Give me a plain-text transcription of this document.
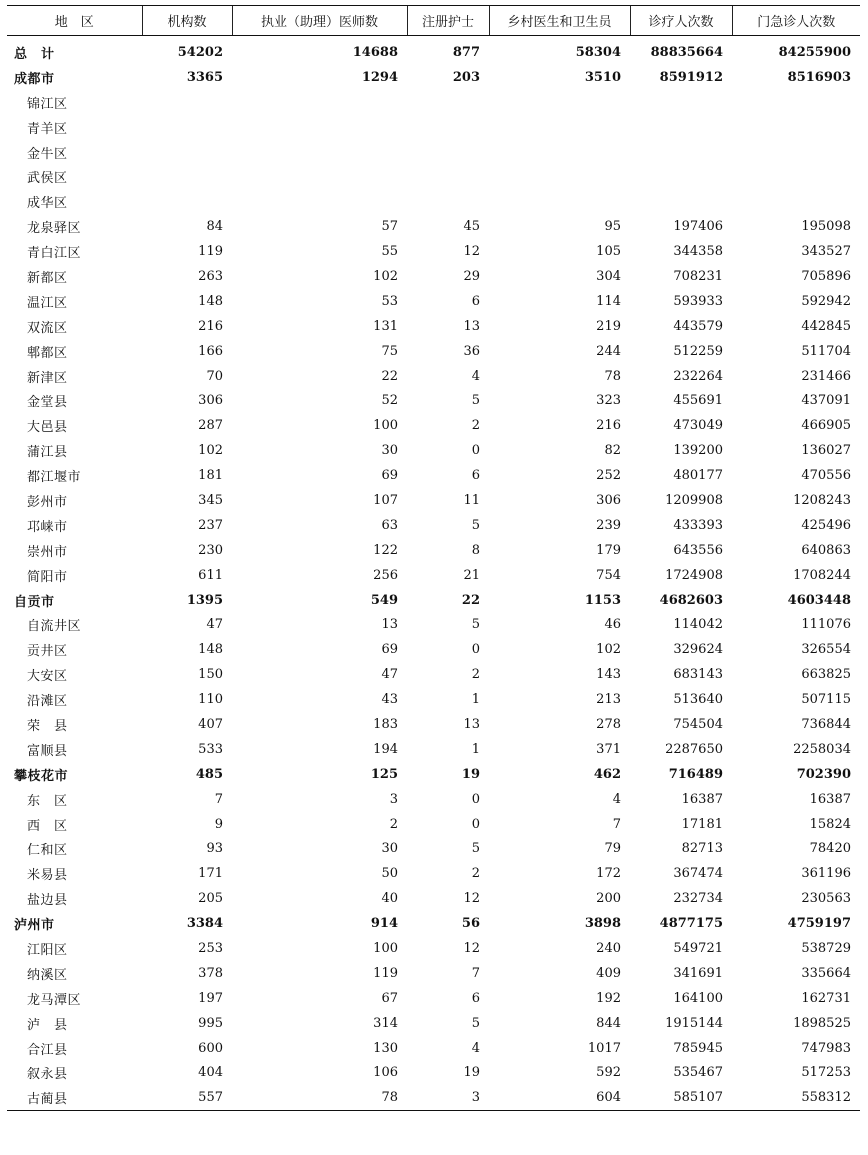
地　区	机构数	执业（助理）医师数	注册护士	乡村医生和卫生员	诊疗人次数	门急诊人次数
总　计	54202	14688	877	58304	88835664	84255900
成都市	3365	1294	203	3510	8591912	8516903
锦江区						
青羊区						
金牛区						
武侯区						
成华区						
龙泉驿区	84	57	45	95	197406	195098
青白江区	119	55	12	105	344358	343527
新都区	263	102	29	304	708231	705896
温江区	148	53	6	114	593933	592942
双流区	216	131	13	219	443579	442845
郫都区	166	75	36	244	512259	511704
新津区	70	22	4	78	232264	231466
金堂县	306	52	5	323	455691	437091
大邑县	287	100	2	216	473049	466905
蒲江县	102	30	0	82	139200	136027
都江堰市	181	69	6	252	480177	470556
彭州市	345	107	11	306	1209908	1208243
邛崃市	237	63	5	239	433393	425496
崇州市	230	122	8	179	643556	640863
简阳市	611	256	21	754	1724908	1708244
自贡市	1395	549	22	1153	4682603	4603448
自流井区	47	13	5	46	114042	111076
贡井区	148	69	0	102	329624	326554
大安区	150	47	2	143	683143	663825
沿滩区	110	43	1	213	513640	507115
荣　县	407	183	13	278	754504	736844
富顺县	533	194	1	371	2287650	2258034
攀枝花市	485	125	19	462	716489	702390
东　区	7	3	0	4	16387	16387
西　区	9	2	0	7	17181	15824
仁和区	93	30	5	79	82713	78420
米易县	171	50	2	172	367474	361196
盐边县	205	40	12	200	232734	230563
泸州市	3384	914	56	3898	4877175	4759197
江阳区	253	100	12	240	549721	538729
纳溪区	378	119	7	409	341691	335664
龙马潭区	197	67	6	192	164100	162731
泸　县	995	314	5	844	1915144	1898525
合江县	600	130	4	1017	785945	747983
叙永县	404	106	19	592	535467	517253
古蔺县	557	78	3	604	585107	558312
